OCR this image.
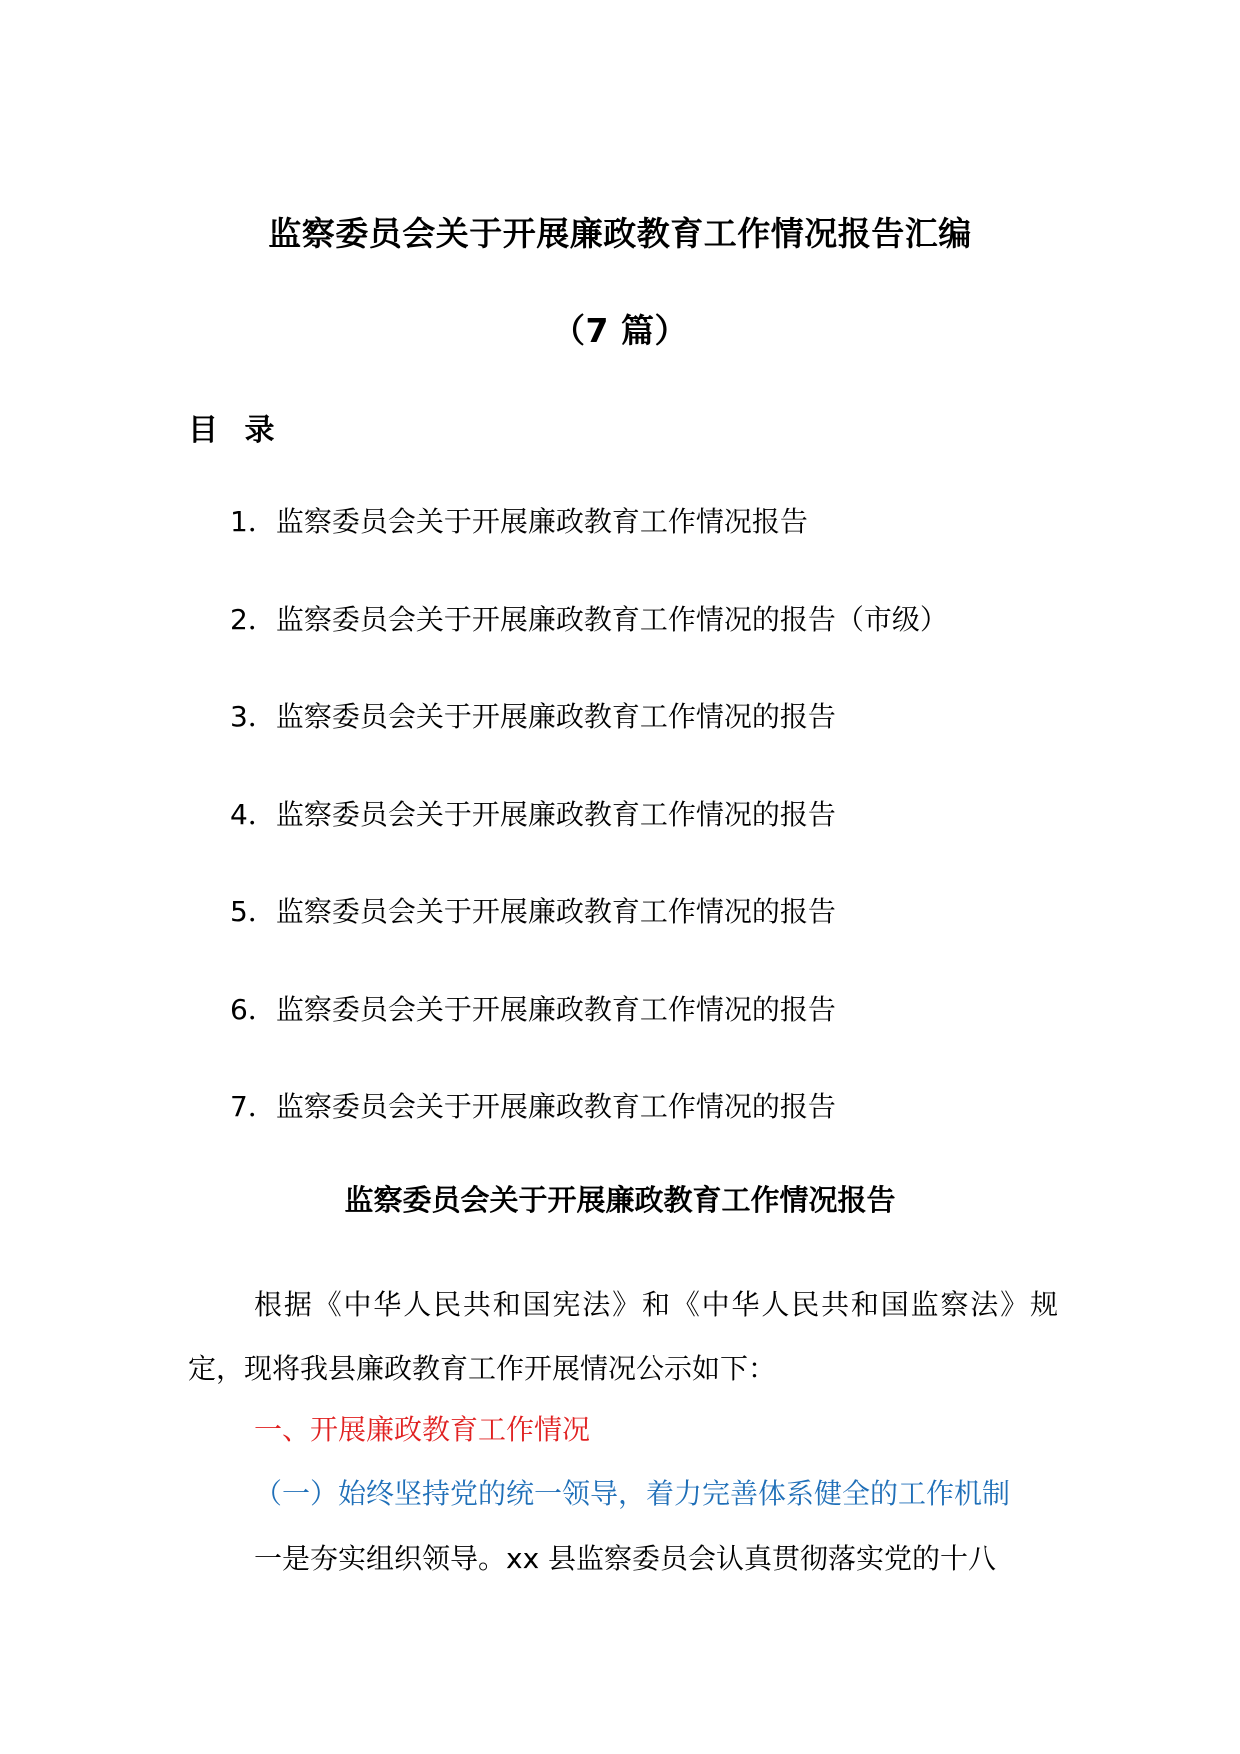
监察委员会关于开展廉政教育工作情况报告汇编
（7 篇）
目 录
1．监察委员会关于开展廉政教育工作情况报告
2．监察委员会关于开展廉政教育工作情况的报告（市级）
3．监察委员会关于开展廉政教育工作情况的报告
4．监察委员会关于开展廉政教育工作情况的报告
5．监察委员会关于开展廉政教育工作情况的报告
6．监察委员会关于开展廉政教育工作情况的报告
7．监察委员会关于开展廉政教育工作情况的报告
监察委员会关于开展廉政教育工作情况报告
根据《中华人民共和国宪法》和《中华人民共和国监察法》规定，现将我县廉政教育工作开展情况公示如下：
一、开展廉政教育工作情况
（一）始终坚持党的统一领导，着力完善体系健全的工作机制
一是夯实组织领导。xx 县监察委员会认真贯彻落实党的十八
